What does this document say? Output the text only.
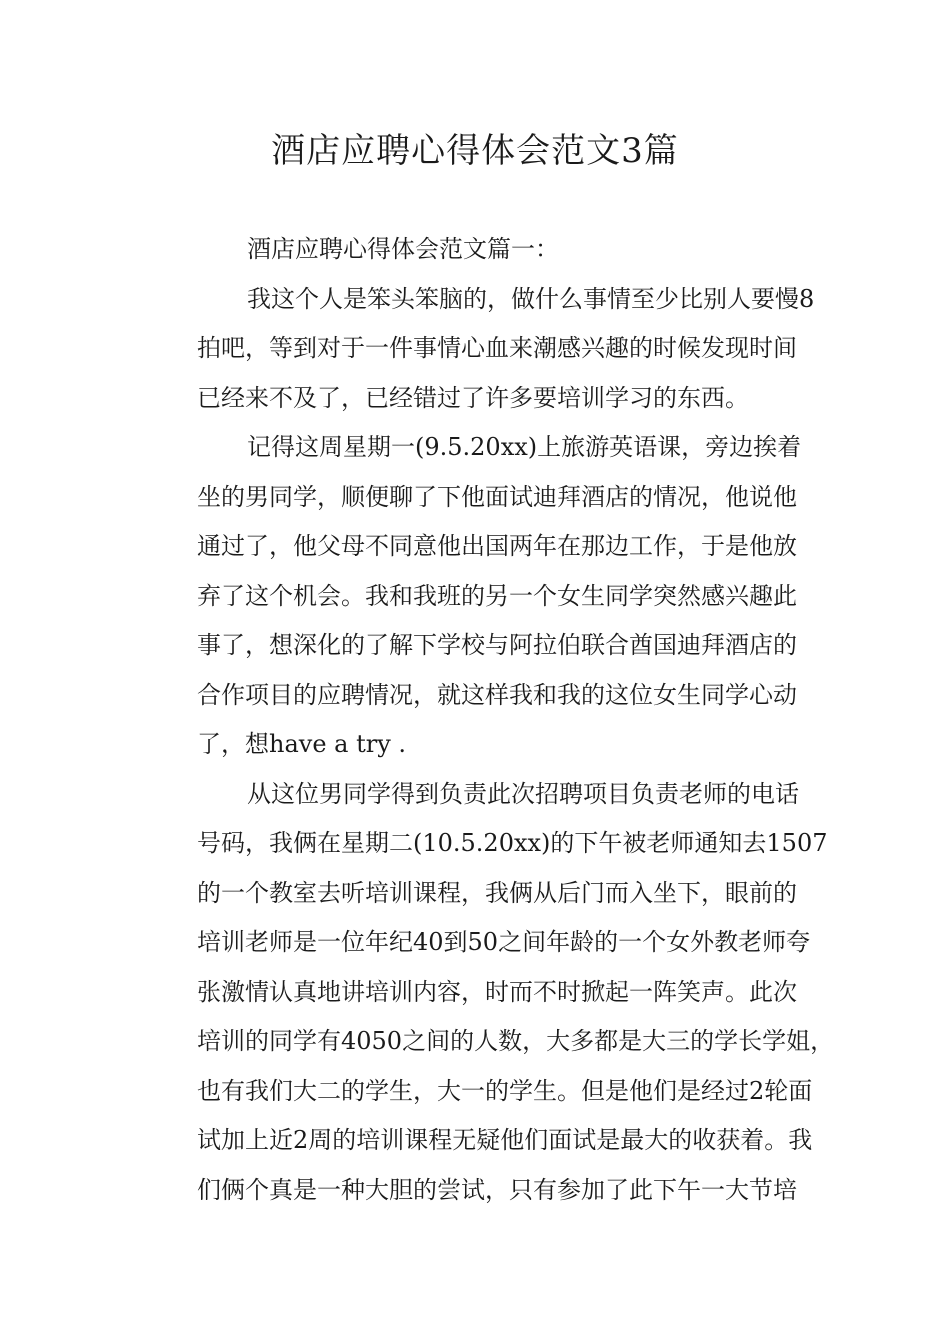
酒店应聘心得体会范文3篇
酒店应聘心得体会范文篇一：
我这个人是笨头笨脑的，做什么事情至少比别人要慢8
拍吧，等到对于一件事情心血来潮感兴趣的时候发现时间
已经来不及了，已经错过了许多要培训学习的东西。
记得这周星期一(9.5.20xx)上旅游英语课，旁边挨着
坐的男同学，顺便聊了下他面试迪拜酒店的情况，他说他
通过了，他父母不同意他出国两年在那边工作，于是他放
弃了这个机会。我和我班的另一个女生同学突然感兴趣此
事了，想深化的了解下学校与阿拉伯联合酋国迪拜酒店的
合作项目的应聘情况，就这样我和我的这位女生同学心动
了，想have a try .
从这位男同学得到负责此次招聘项目负责老师的电话
号码，我俩在星期二(10.5.20xx)的下午被老师通知去1507
的一个教室去听培训课程，我俩从后门而入坐下，眼前的
培训老师是一位年纪40到50之间年龄的一个女外教老师夸
张激情认真地讲培训内容，时而不时掀起一阵笑声。此次
培训的同学有4050之间的人数，大多都是大三的学长学姐，
也有我们大二的学生，大一的学生。但是他们是经过2轮面
试加上近2周的培训课程无疑他们面试是最大的收获着。我
们俩个真是一种大胆的尝试，只有参加了此下午一大节培
